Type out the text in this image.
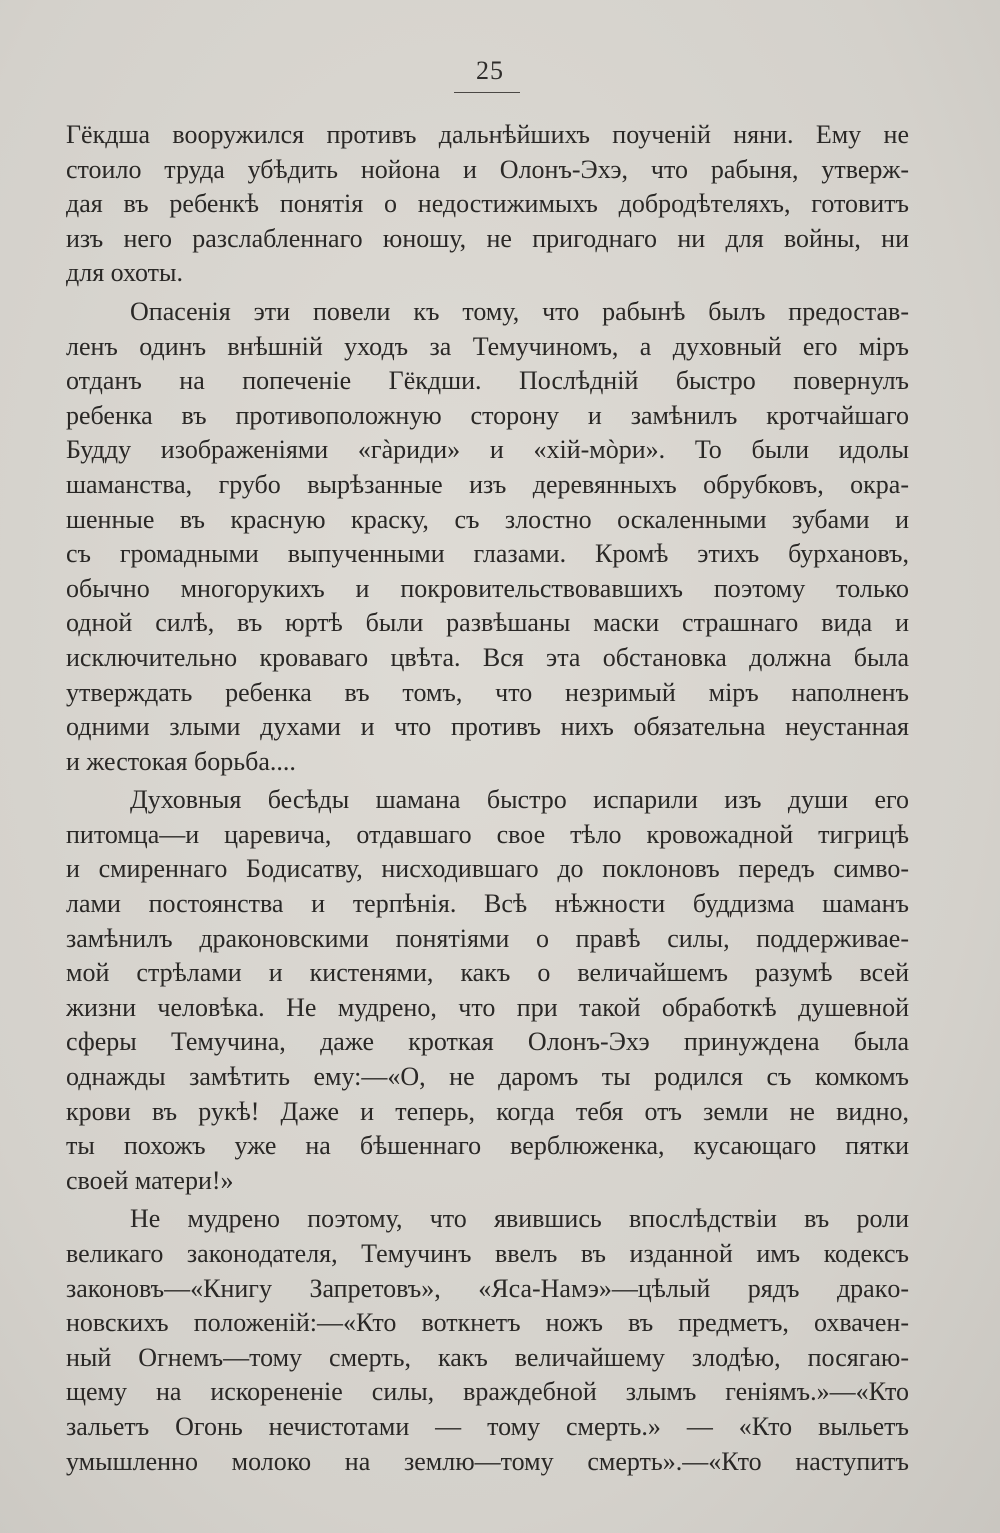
25
Гёкдша вооружился противъ дальнѣйшихъ поученій няни. Ему не
стоило труда убѣдить нойона и Олонъ-Эхэ, что рабыня, утверж-
дая въ ребенкѣ понятія о недостижимыхъ добродѣтеляхъ, готовитъ
изъ него разслабленнаго юношу, не пригоднаго ни для войны, ни
для охоты.
Опасенія эти повели къ тому, что рабынѣ былъ предостав-
ленъ одинъ внѣшній уходъ за Темучиномъ, а духовный его міръ
отданъ на попеченіе Гёкдши. Послѣдній быстро повернулъ
ребенка въ противоположную сторону и замѣнилъ кротчайшаго
Будду изображеніями «гàриди» и «хій-мòри». То были идолы
шаманства, грубо вырѣзанные изъ деревянныхъ обрубковъ, окра-
шенные въ красную краску, съ злостно оскаленными зубами и
съ громадными выпученными глазами. Кромѣ этихъ бурхановъ,
обычно многорукихъ и покровительствовавшихъ поэтому только
одной силѣ, въ юртѣ были развѣшаны маски страшнаго вида и
исключительно кроваваго цвѣта. Вся эта обстановка должна была
утверждать ребенка въ томъ, что незримый міръ наполненъ
одними злыми духами и что противъ нихъ обязательна неустанная
и жестокая борьба....
Духовныя бесѣды шамана быстро испарили изъ души его
питомца—и царевича, отдавшаго свое тѣло кровожадной тигрицѣ
и смиреннаго Бодисатву, нисходившаго до поклоновъ передъ симво-
лами постоянства и терпѣнія. Всѣ нѣжности буддизма шаманъ
замѣнилъ драконовскими понятіями о правѣ силы, поддерживае-
мой стрѣлами и кистенями, какъ о величайшемъ разумѣ всей
жизни человѣка. Не мудрено, что при такой обработкѣ душевной
сферы Темучина, даже кроткая Олонъ-Эхэ принуждена была
однажды замѣтить ему:—«О, не даромъ ты родился съ комкомъ
крови въ рукѣ! Даже и теперь, когда тебя отъ земли не видно,
ты похожъ уже на бѣшеннаго верблюженка, кусающаго пятки
своей матери!»
Не мудрено поэтому, что явившись впослѣдствіи въ роли
великаго законодателя, Темучинъ ввелъ въ изданной имъ кодексъ
законовъ—«Книгу Запретовъ», «Яса-Намэ»—цѣлый рядъ дракo-
новскихъ положеній:—«Кто воткнетъ ножъ въ предметъ, охвачен-
ный Огнемъ—тому смерть, какъ величайшему злодѣю, посягаю-
щему на искорененіе силы, враждебной злымъ геніямъ.»—«Кто
зальетъ Огонь нечистотами — тому смерть.» — «Кто выльетъ
умышленно молоко на землю—тому смерть».—«Кто наступитъ
